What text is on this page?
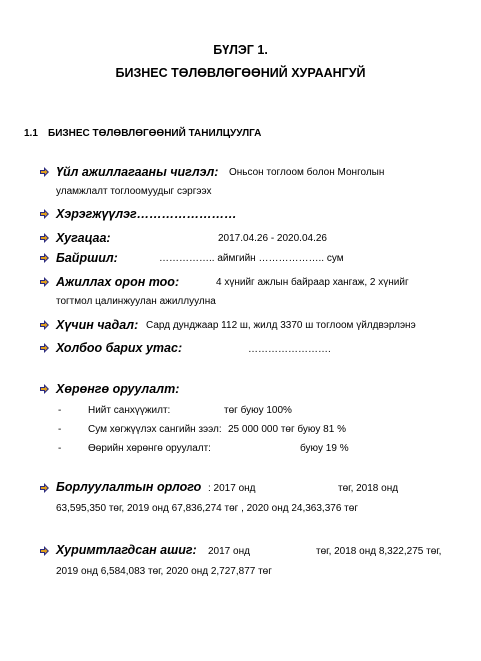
БҮЛЭГ 1.
БИЗНЕС ТӨЛӨВЛӨГӨӨНИЙ ХУРААНГУЙ
1.1 БИЗНЕС ТӨЛӨВЛӨГӨӨНИЙ ТАНИЛЦУУЛГА
Үйл ажиллагааны чиглэл: Оньсон тоглоом болон Монголын
уламжлалт тоглоомуудыг сэргээх
Хэрэгжүүлэг……………………
Хугацаа:	2017.04.26 - 2020.04.26
Байршил:	…………….. аймгийн ……………….. сум
Ажиллах орон тоо:	4 хүнийг ажлын байраар хангаж, 2 хүнийг
тогтмол цалинжуулан ажиллуулна
Хүчин чадал: Сард дунджаар 112 ш, жилд 3370 ш тоглоом үйлдвэрлэнэ
Холбоо барих утас:	…………………….
Хөрөнгө оруулалт:
-	Нийт санхүүжилт:	төг буюу 100%
-	Сум хөгжүүлэх сангийн зээл: 25 000 000 төг буюу 81 %
-	Өөрийн хөрөнгө оруулалт:	буюу 19 %
Борлуулалтын орлого : 2017 онд	төг, 2018 онд
63,595,350 төг, 2019 онд 67,836,274 төг , 2020 онд 24,363,376 төг
Хуримтлагдсан ашиг: 2017 онд	төг, 2018 онд 8,322,275 төг,
2019 онд 6,584,083 төг, 2020 онд 2,727,877 төг
